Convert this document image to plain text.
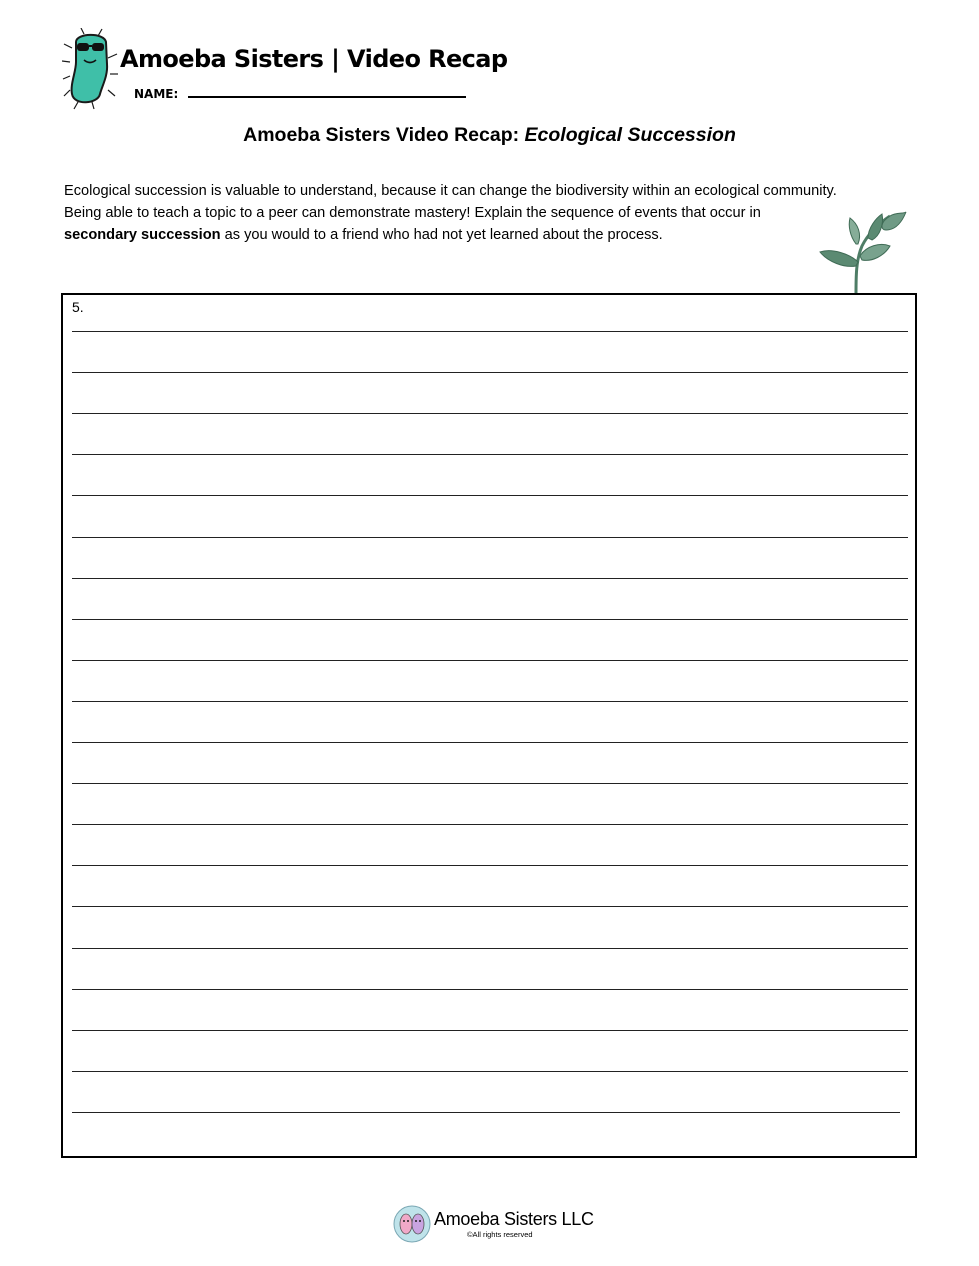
Amoeba Sisters | Video Recap
NAME:
Amoeba Sisters Video Recap: Ecological Succession

Ecological succession is valuable to understand, because it can change the biodiversity within an ecological community.

Being able to teach a topic to a peer can demonstrate mastery! Explain the sequence of events that occur in

secondary succession as you would to a friend who had not yet learned about the process.

5.
Amoeba Sisters LLC
©All rights reserved
